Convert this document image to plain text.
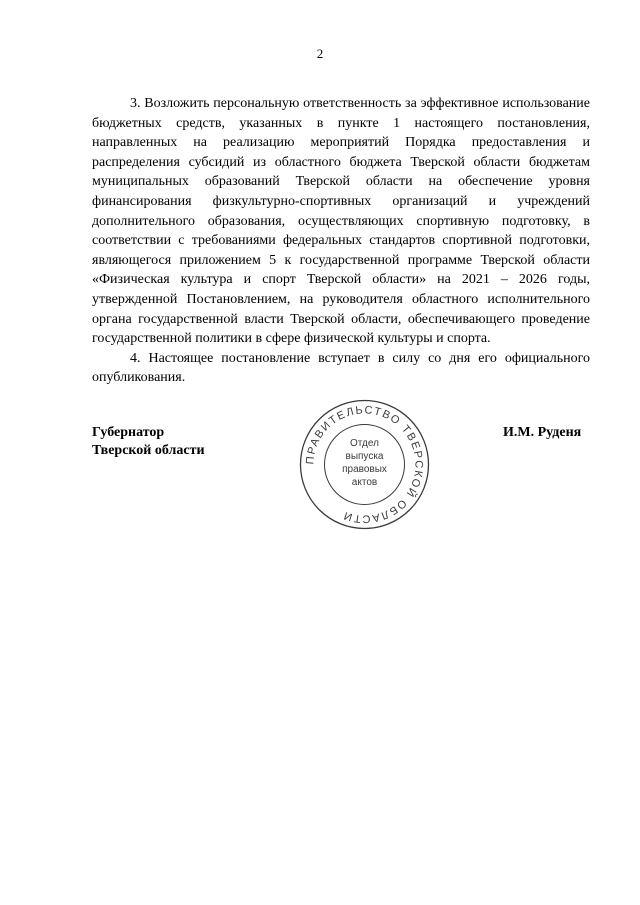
2

3. Возложить персональную ответственность за эффективное использование бюджетных средств, указанных в пункте 1 настоящего постановления, направленных на реализацию мероприятий Порядка предоставления и распределения субсидий из областного бюджета Тверской области бюджетам муниципальных образований Тверской области на обеспечение уровня финансирования физкультурно-спортивных организаций и учреждений дополнительного образования, осуществляющих спортивную подготовку, в соответствии с требованиями федеральных стандартов спортивной подготовки, являющегося приложением 5 к государственной программе Тверской области «Физическая культура и спорт Тверской области» на 2021 – 2026 годы, утвержденной Постановлением, на руководителя областного исполнительного органа государственной власти Тверской области, обеспечивающего проведение государственной политики в сфере физической культуры и спорта.

4. Настоящее постановление вступает в силу со дня его официального опубликования.

Губернатор
Тверской области
И.М. Руденя
ПРАВИТЕЛЬСТВО ТВЕРСКОЙ ОБЛАСТИ
Отдел
выпуска
правовых
актов
